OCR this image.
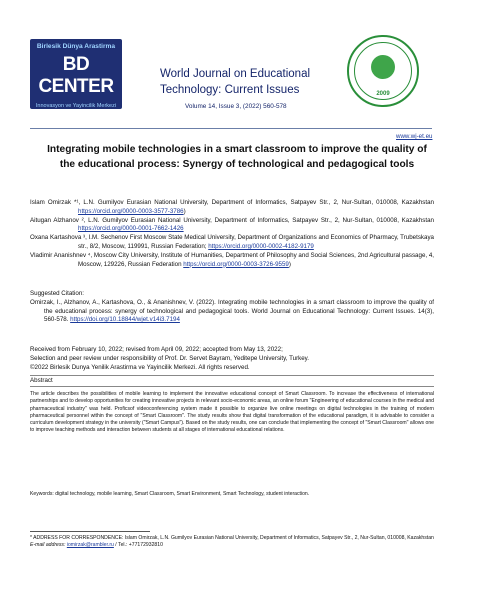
Birlesik Dünya Arastirma
BD CENTER
Innovasyon ve Yayincilik Merkezi
World Journal on Educational Technology: Current Issues
Volume 14, Issue 3, (2022) 560-578
2009
www.wj-et.eu
Integrating mobile technologies in a smart classroom to improve the quality of the educational process: Synergy of technological and pedagogical tools
Islam Omirzak *¹, L.N. Gumilyov Eurasian National University, Department of Informatics, Satpayev Str., 2, Nur-Sultan, 010008, Kazakhstan https://orcid.org/0000-0003-3577-3786)
Aitugan Alzhanov ², L.N. Gumilyov Eurasian National University, Department of Informatics, Satpayev Str., 2, Nur-Sultan, 010008, Kazakhstan https://orcid.org/0000-0001-7662-1426
Oxana Kartashova ³, I.M. Sechenov First Moscow State Medical University, Department of Organizations and Economics of Pharmacy, Trubetskaya str., 8/2, Moscow, 119991, Russian Federation; https://orcid.org/0000-0002-4182-9179
Vladimir Ananishnev ⁴, Moscow City University, Institute of Humanities, Department of Philosophy and Social Sciences, 2nd Agricultural passage, 4, Moscow, 129226, Russian Federation https://orcid.org/0000-0003-3726-9559)
Suggested Citation:
Omirzak, I., Alzhanov, A., Kartashova, O., & Ananishnev, V. (2022). Integrating mobile technologies in a smart classroom to improve the quality of the educational process: synergy of technological and pedagogical tools. World Journal on Educational Technology: Current Issues. 14(3), 560-578. https://doi.org/10.18844/wjet.v14i3.7194
Received from February 10, 2022; revised from April 09, 2022; accepted from May 13, 2022;
Selection and peer review under responsibility of Prof. Dr. Servet Bayram, Yeditepe University, Turkey.
©2022 Birlesik Dunya Yenilik Arastirma ve Yayincilik Merkezi. All rights reserved.
Abstract
The article describes the possibilities of mobile learning to implement the innovative educational concept of Smart Classroom. To increase the effectiveness of international partnerships and to develop opportunities for creating innovative projects in relevant socio-economic areas, an online forum "Engineering of educational courses in the medical and pharmaceutical industry" was held. Proficsof videoconferencing system made it possible to organize live online meetings on digital technologies in the training of modern pharmaceutical personnel within the concept of "Smart Classroom". The study results show that digital transformation of the educational paradigm, it is advisable to consider a curriculum development strategy in the university ("Smart Campus"). Based on the study results, one can conclude that implementing the concept of "Smart Classroom" allows one to improve teaching methods and interaction between students at all stages of international educational relations.
Keywords: digital technology, mobile learning, Smart Classroom, Smart Environment, Smart Technology, student interaction.
* ADDRESS FOR CORRESPONDENCE: Islam Omirzak, L.N. Gumilyov Eurasian National University, Department of Informatics, Satpayev Str., 2, Nur-Sultan, 010008, Kazakhstan
E-mail address: iomirzak@rambler.ru / Tel.: +77172932810
